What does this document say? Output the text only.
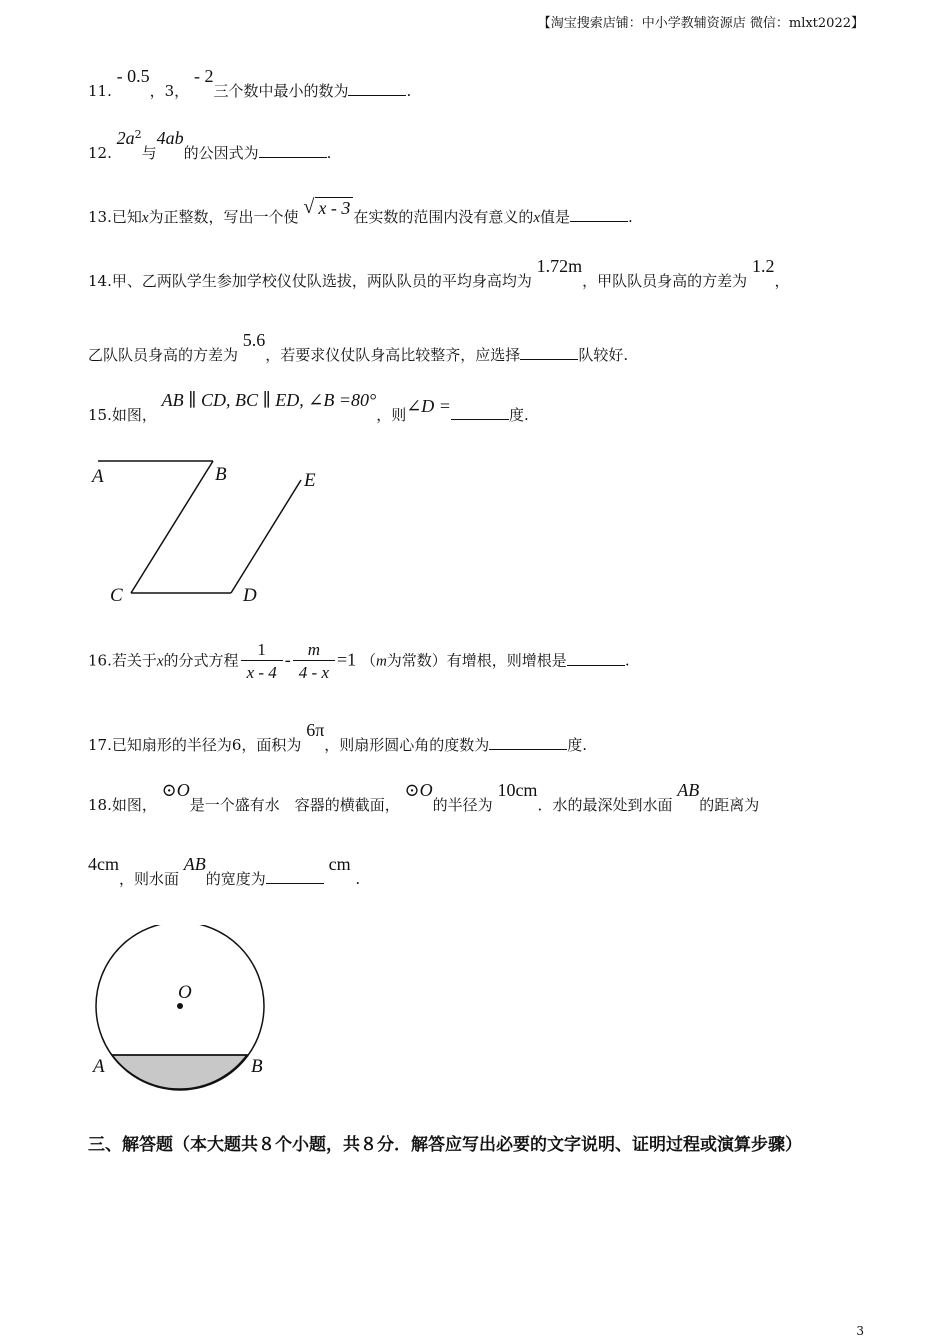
【淘宝搜索店铺：中小学教辅资源店 微信：mlxt2022】
11. - 0.5，3， - 2三个数中最小的数为	.
12. $2a^2$与4ab的公因式为	.
13.已知x为正整数，写出一个使 √ x - 3 在实数的范围内没有意义的x值是	.
14.甲、乙两队学生参加学校仪仗队选拔，两队队员的平均身高均为 1.72m，甲队队员身高的方差为 1.2，
乙队队员身高的方差为 5.6，若要求仪仗队身高比较整齐，应选择	队较好.
15.如图， AB ∥ CD, BC ∥ ED, ∠B =80°，则∠D =	度.
A	B	E
C	D
16.若关于x的分式方程 $\frac{1}{x - 4} - \frac{m}{4 - x} =1$ （m为常数）有增根，则增根是	.
17.已知扇形的半径为6，面积为 6π，则扇形圆心角的度数为	度.
18.如图， ⊙O是一个盛有水　容器的横截面， ⊙O的半径为 10cm．水的最深处到水面 AB的距离为
4cm，则水面 AB的宽度为 cm .
O
A	B
三、解答题（本大题共８个小题，共８分．解答应写出必要的文字说明、证明过程或演算步骤）
3
